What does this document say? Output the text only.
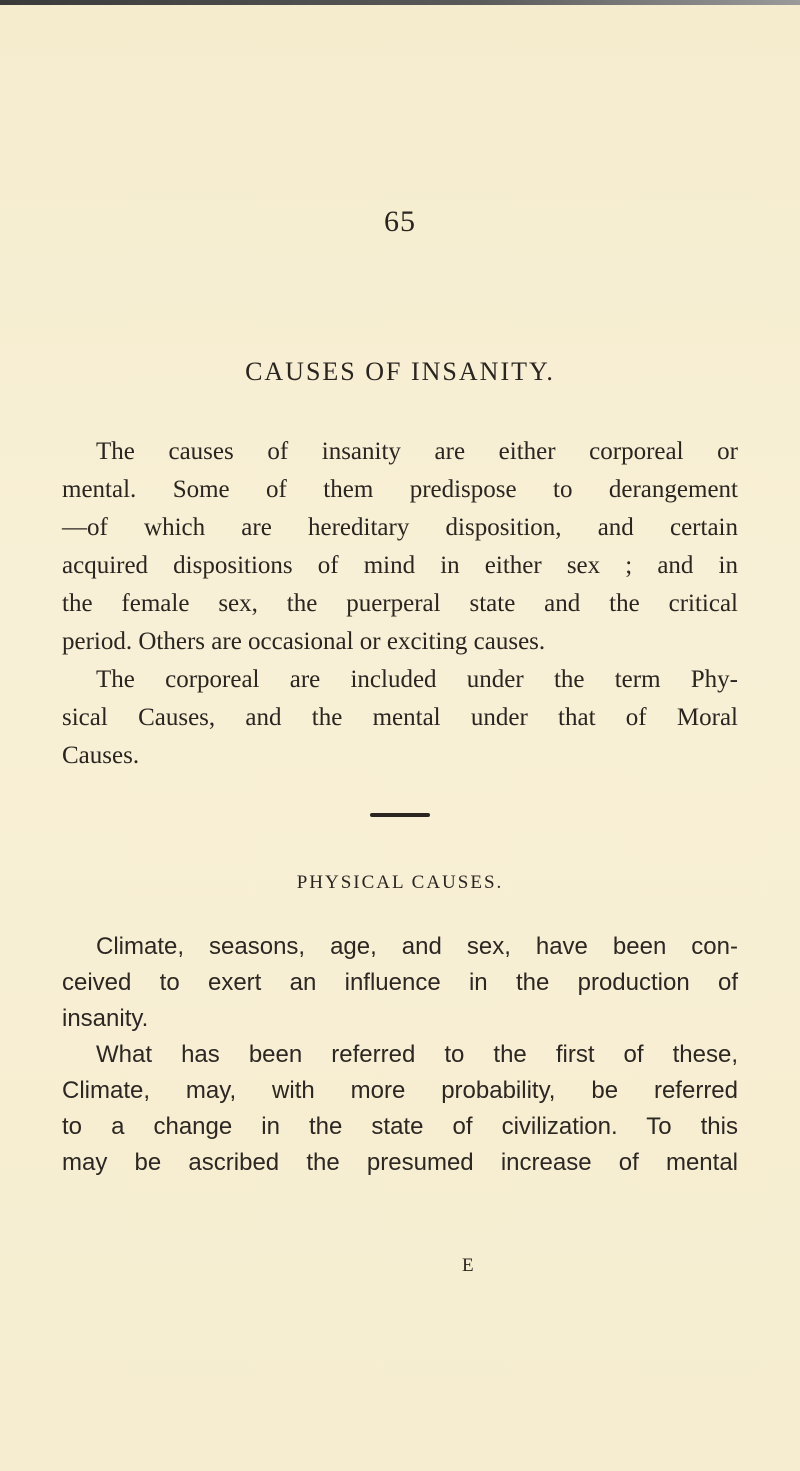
65
CAUSES OF INSANITY.
The causes of insanity are either corporeal or
mental. Some of them predispose to derangement
—of which are hereditary disposition, and certain
acquired dispositions of mind in either sex ; and in
the female sex, the puerperal state and the critical
period. Others are occasional or exciting causes.
The corporeal are included under the term Phy-
sical Causes, and the mental under that of Moral
Causes.
PHYSICAL CAUSES.
Climate, seasons, age, and sex, have been con-
ceived to exert an influence in the production of
insanity.
What has been referred to the first of these,
Climate, may, with more probability, be referred
to a change in the state of civilization. To this
may be ascribed the presumed increase of mental
E
